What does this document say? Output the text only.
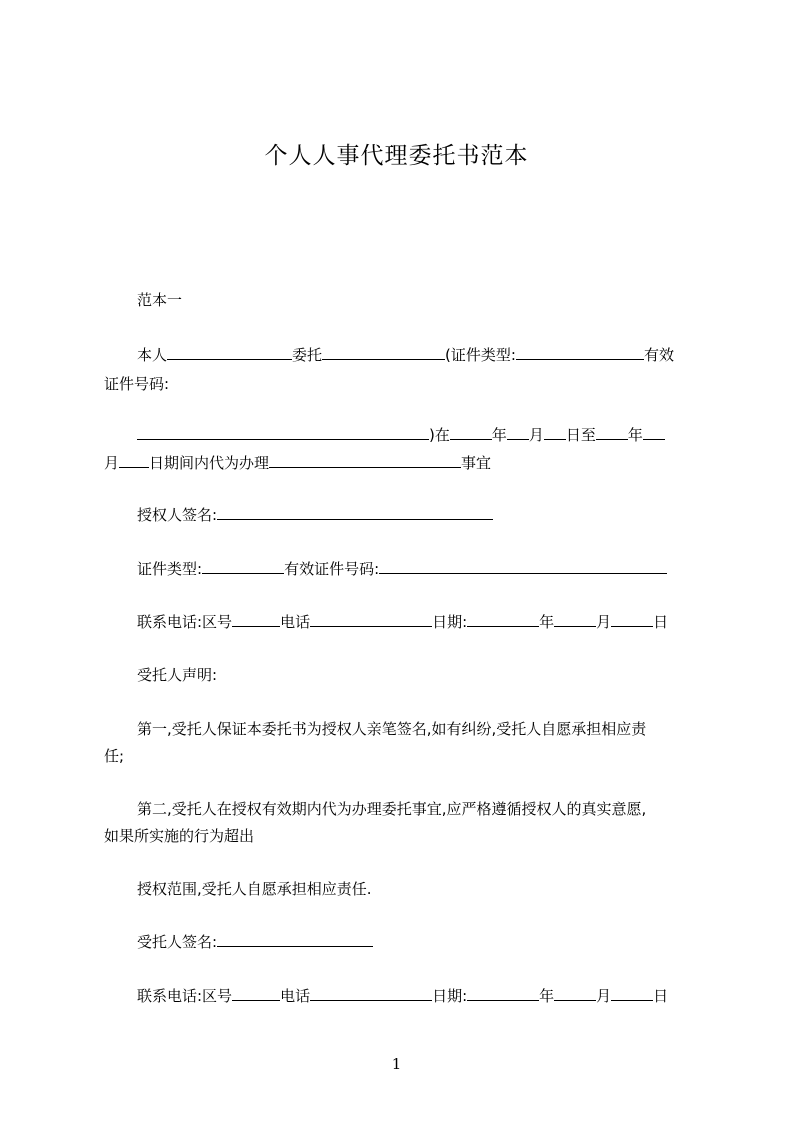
个人人事代理委托书范本
范本一
本人	委托	(证件类型:	有效
证件号码:
)在	年 月 日至 年
月 日期间内代为办理	事宜
授权人签名:
证件类型:	有效证件号码:
联系电话:区号	电话	日期:	年	月	日
受托人声明:
第一,受托人保证本委托书为授权人亲笔签名,如有纠纷,受托人自愿承担相应责
任;
第二,受托人在授权有效期内代为办理委托事宜,应严格遵循授权人的真实意愿,
如果所实施的行为超出
授权范围,受托人自愿承担相应责任.
受托人签名:
联系电话:区号	电话	日期:	年	月	日
1
